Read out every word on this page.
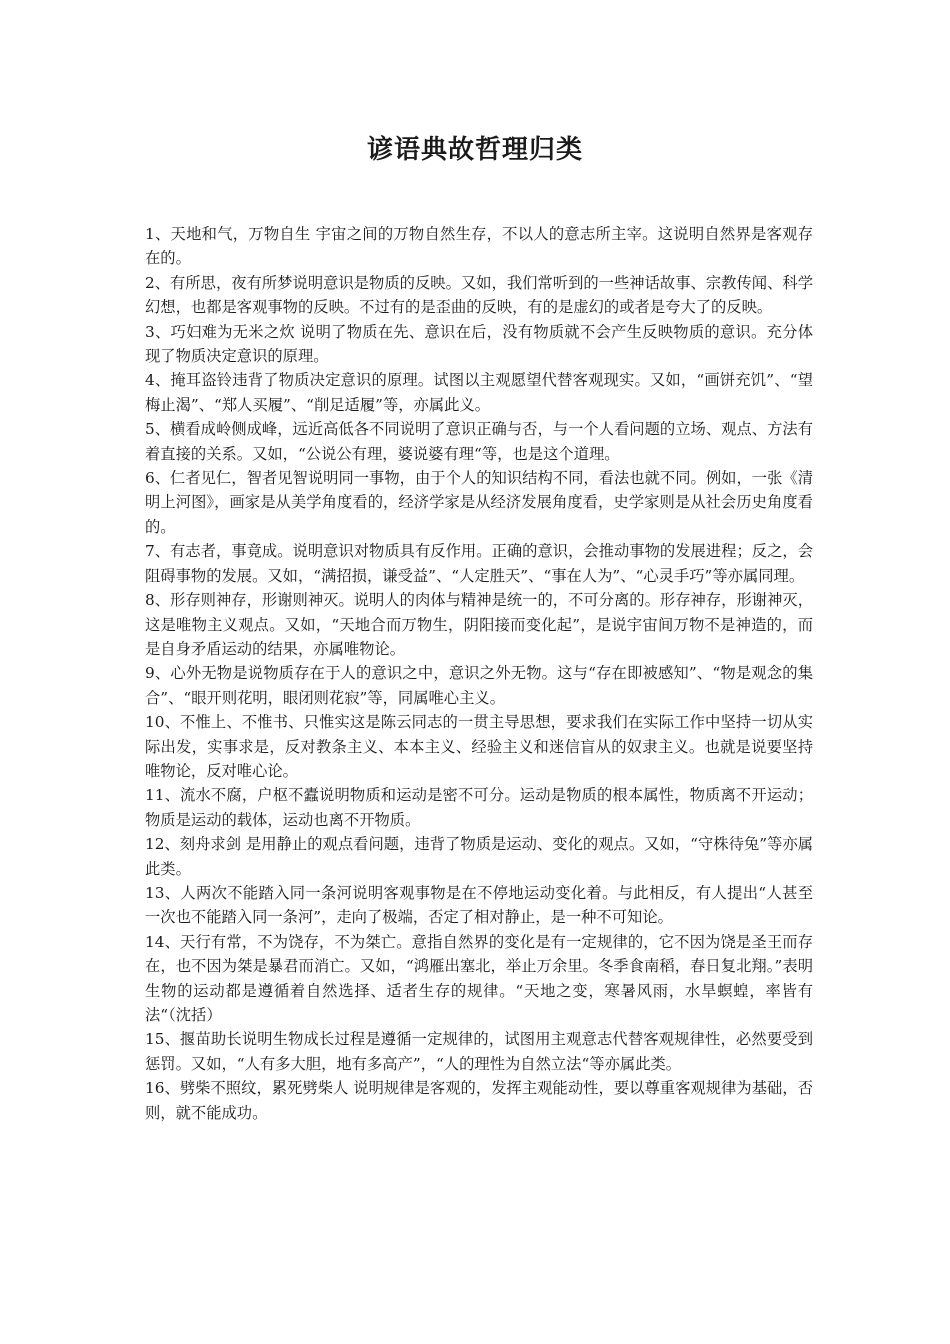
谚语典故哲理归类

1、天地和气，万物自生 宇宙之间的万物自然生存，不以人的意志所主宰。这说明自然界是客观存在的。

2、有所思，夜有所梦说明意识是物质的反映。又如，我们常听到的一些神话故事、宗教传闻、科学幻想，也都是客观事物的反映。不过有的是歪曲的反映，有的是虚幻的或者是夸大了的反映。

3、巧妇难为无米之炊 说明了物质在先、意识在后，没有物质就不会产生反映物质的意识。充分体现了物质决定意识的原理。

4、掩耳盗铃违背了物质决定意识的原理。试图以主观愿望代替客观现实。又如，“画饼充饥”、“望梅止渴”、“郑人买履”、“削足适履”等，亦属此义。

5、横看成岭侧成峰，远近高低各不同说明了意识正确与否，与一个人看问题的立场、观点、方法有着直接的关系。又如，“公说公有理，婆说婆有理“等，也是这个道理。

6、仁者见仁，智者见智说明同一事物，由于个人的知识结构不同，看法也就不同。例如，一张《清明上河图》，画家是从美学角度看的，经济学家是从经济发展角度看，史学家则是从社会历史角度看的。

7、有志者，事竟成。说明意识对物质具有反作用。正确的意识，会推动事物的发展进程；反之，会阻碍事物的发展。又如，“满招损，谦受益”、“人定胜天”、“事在人为”、“心灵手巧”等亦属同理。

8、形存则神存，形谢则神灭。说明人的肉体与精神是统一的，不可分离的。形存神存，形谢神灭，这是唯物主义观点。又如，“天地合而万物生，阴阳接而变化起”，是说宇宙间万物不是神造的，而是自身矛盾运动的结果，亦属唯物论。

9、心外无物是说物质存在于人的意识之中，意识之外无物。这与“存在即被感知”、“物是观念的集合”、“眼开则花明，眼闭则花寂”等，同属唯心主义。

10、不惟上、不惟书、只惟实这是陈云同志的一贯主导思想，要求我们在实际工作中坚持一切从实际出发，实事求是，反对教条主义、本本主义、经验主义和迷信盲从的奴隶主义。也就是说要坚持唯物论，反对唯心论。

11、流水不腐，户枢不蠹说明物质和运动是密不可分。运动是物质的根本属性，物质离不开运动；物质是运动的载体，运动也离不开物质。

12、刻舟求剑 是用静止的观点看问题，违背了物质是运动、变化的观点。又如，“守株待兔”等亦属此类。

13、人两次不能踏入同一条河说明客观事物是在不停地运动变化着。与此相反，有人提出“人甚至一次也不能踏入同一条河”，走向了极端，否定了相对静止，是一种不可知论。

14、天行有常，不为饶存，不为桀亡。意指自然界的变化是有一定规律的，它不因为饶是圣王而存在，也不因为桀是暴君而消亡。又如，“鸿雁出塞北，举止万余里。冬季食南稻，春日复北翔。”表明生物的运动都是遵循着自然选择、适者生存的规律。“天地之变，寒暑风雨，水旱螟蝗，率皆有法“（沈括）

15、揠苗助长说明生物成长过程是遵循一定规律的，试图用主观意志代替客观规律性，必然要受到惩罚。又如，“人有多大胆，地有多高产”，“人的理性为自然立法“等亦属此类。

16、劈柴不照纹，累死劈柴人 说明规律是客观的，发挥主观能动性，要以尊重客观规律为基础，否则，就不能成功。
